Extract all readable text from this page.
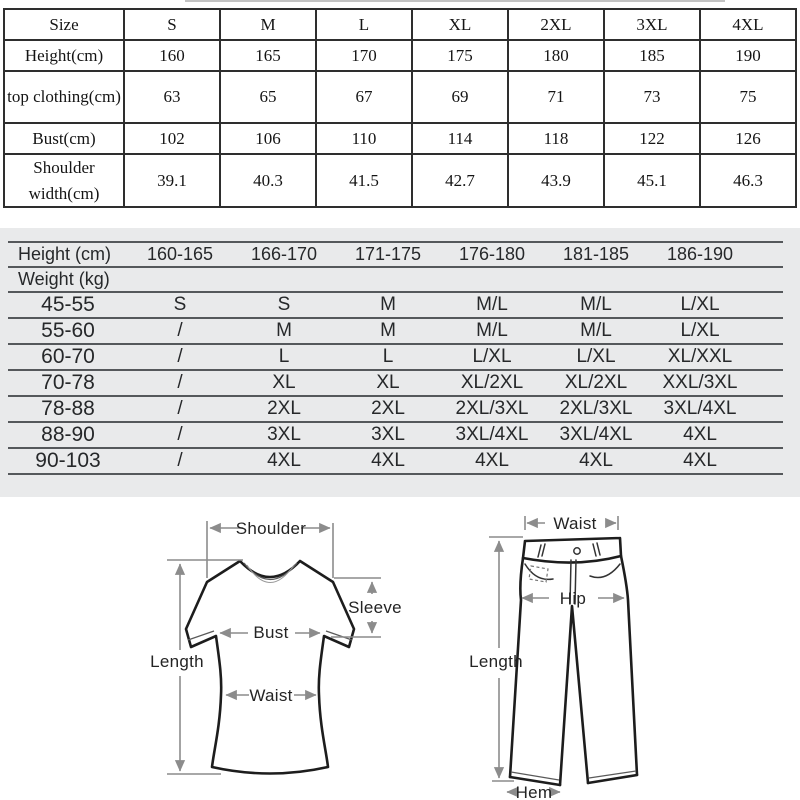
Size	S	M	L	XL	2XL	3XL	4XL
Height(cm)	160	165	170	175	180	185	190
top clothing(cm)	63	65	67	69	71	73	75
Bust(cm)	102	106	110	114	118	122	126
Shoulder width(cm)	39.1	40.3	41.5	42.7	43.9	45.1	46.3
Height (cm)	160-165	166-170	171-175	176-180	181-185	186-190	
Weight (kg)							
45-55	S	S	M	M/L	M/L	L/XL	
55-60	/	M	M	M/L	M/L	L/XL	
60-70	/	L	L	L/XL	L/XL	XL/XXL	
70-78	/	XL	XL	XL/2XL	XL/2XL	XXL/3XL	
78-88	/	2XL	2XL	2XL/3XL	2XL/3XL	3XL/4XL	
88-90	/	3XL	3XL	3XL/4XL	3XL/4XL	4XL	
90-103	/	4XL	4XL	4XL	4XL	4XL	
Shoulder
Length
Bust
Waist
Sleeve
Waist
Hip
Length
Hem
